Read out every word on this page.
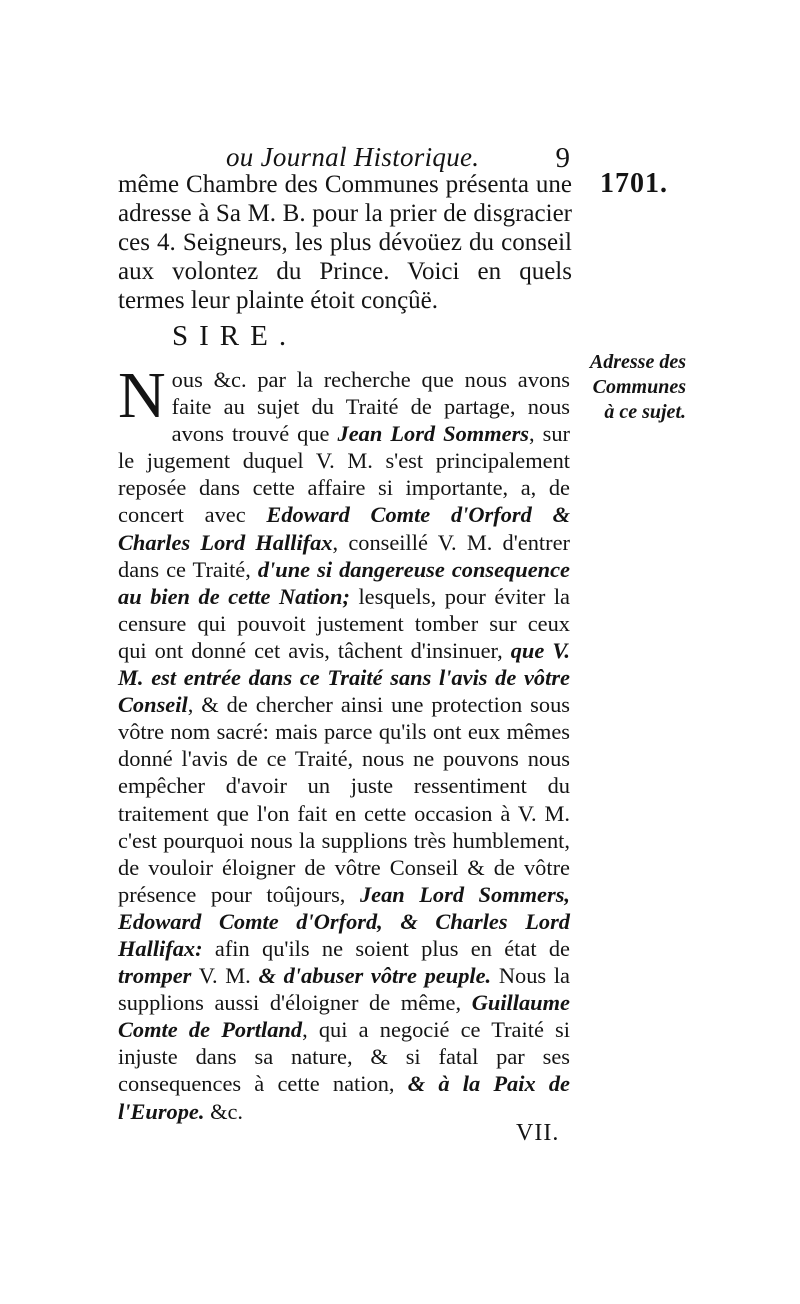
ou Journal Historique.	9
1701.

même Chambre des Communes présenta une adresse à Sa M. B. pour la prier de disgracier ces 4. Seigneurs, les plus dévoüez du conseil aux volontez du Prince. Voici en quels termes leur plainte étoit conçûë.

SIRE.
Adresse des
Communes
à ce sujet.
Nous &c. par la recherche que nous avons faite au sujet du Traité de partage, nous avons trouvé que Jean Lord Sommers, sur le jugement duquel V. M. s'est principalement reposée dans cette affaire si importante, a, de concert avec Edoward Comte d'Orford & Charles Lord Hallifax, conseillé V. M. d'entrer dans ce Traité, d'une si dangereuse consequence au bien de cette Nation; lesquels, pour éviter la censure qui pouvoit justement tomber sur ceux qui ont donné cet avis, tâchent d'insinuer, que V. M. est entrée dans ce Traité sans l'avis de vôtre Conseil, & de chercher ainsi une protection sous vôtre nom sacré: mais parce qu'ils ont eux mêmes donné l'avis de ce Traité, nous ne pouvons nous empêcher d'avoir un juste ressentiment du traitement que l'on fait en cette occasion à V. M. c'est pourquoi nous la supplions très humblement, de vouloir éloigner de vôtre Conseil & de vôtre présence pour toûjours, Jean Lord Sommers, Edoward Comte d'Orford, & Charles Lord Hallifax: afin qu'ils ne soient plus en état de tromper V. M. & d'abuser vôtre peuple. Nous la supplions aussi d'éloigner de même, Guillaume Comte de Portland, qui a negocié ce Traité si injuste dans sa nature, & si fatal par ses consequences à cette nation, & à la Paix de l'Europe. &c.
VII.
